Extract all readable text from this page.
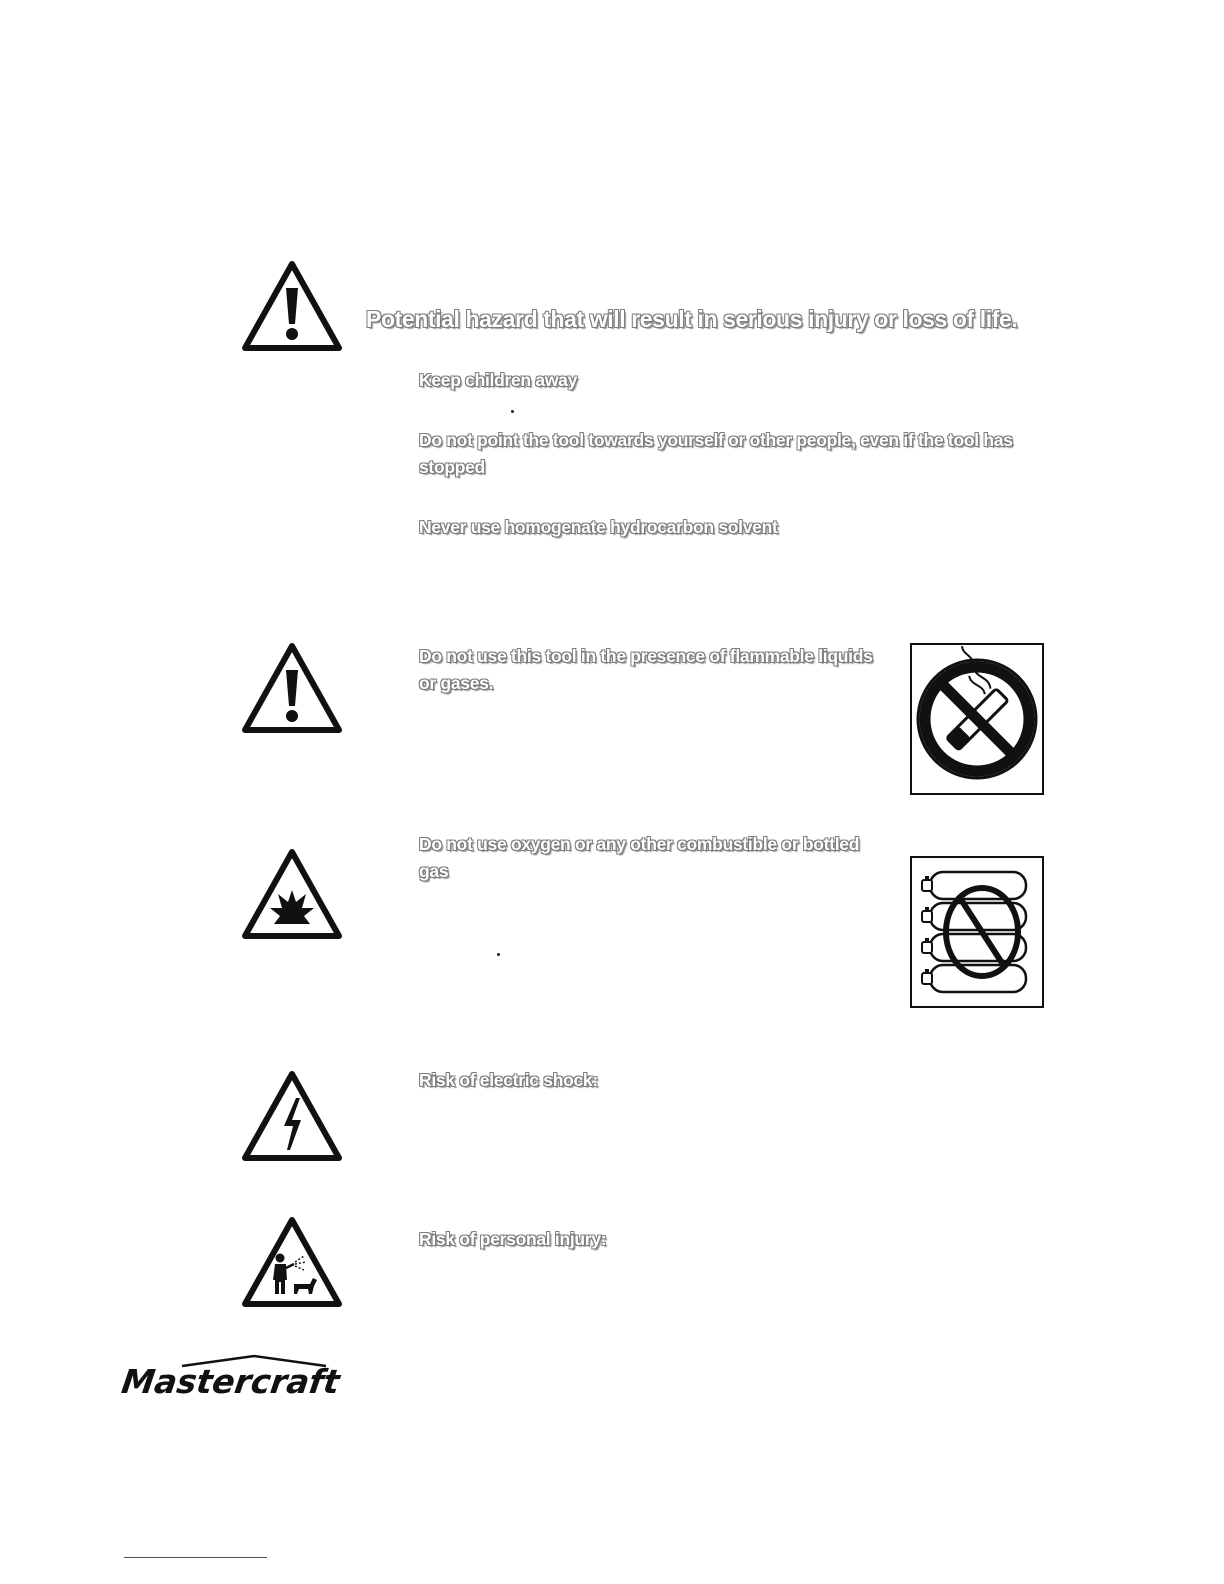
Potential hazard that will result in serious injury or loss of life.
Keep children away
Do not point the tool towards yourself or other people, even if the tool has
stopped
Never use homogenate hydrocarbon solvent
Do not use this tool in the presence of flammable liquids
or gases.
Do not use oxygen or any other combustible or bottled
gas
Risk of electric shock:
Risk of personal injury:
Mastercraft
